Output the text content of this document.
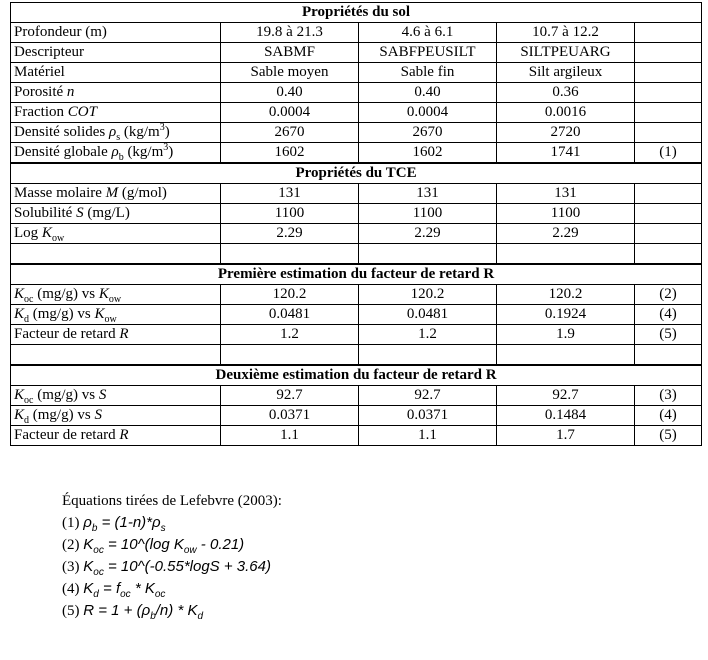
Propriétés du sol				
Profondeur (m)	19.8 à 21.3	4.6 à 6.1	10.7 à 12.2	
Descripteur	SABMF	SABFPEUSILT	SILTPEUARG	
Matériel	Sable moyen	Sable fin	Silt argileux	
Porosité n	0.40	0.40	0.36	
Fraction COT	0.0004	0.0004	0.0016	
Densité solides $\rho_s$ $(kg/m^3)$	2670	2670	2720	
Densité globale $\rho_b$ $(kg/m^3)$	1602	1602	1741	(1)
Propriétés du TCE				
Masse molaire M (g/mol)	131	131	131	
Solubilité S (mg/L)	1100	1100	1100	
Log $K_{ow}$	2.29	2.29	2.29	

Première estimation du facteur de retard R				
$K_{oc}$ (mg/g) vs $K_{ow}$	120.2	120.2	120.2	(2)
$K_d$ (mg/g) vs $K_{ow}$	0.0481	0.0481	0.1924	(4)
Facteur de retard R	1.2	1.2	1.9	(5)

Deuxième estimation du facteur de retard R				
$K_{oc}$ (mg/g) vs S	92.7	92.7	92.7	(3)
$K_d$ (mg/g) vs S	0.0371	0.0371	0.1484	(4)
Facteur de retard R	1.1	1.1	1.7	(5)
Équations tirées de Lefebvre (2003):
(1) $\rho_b = (1-n)*\rho_s$
(2) $K_{oc}$ = 10^(log $K_{ow} - 0.21$)
(3) $K_{oc}$ = 10^(-0.55*logS + 3.64)
(4) $K_d = f_{oc} * K_{oc}$
(5) $R = 1 + (\rho_b/n) * K_d$
